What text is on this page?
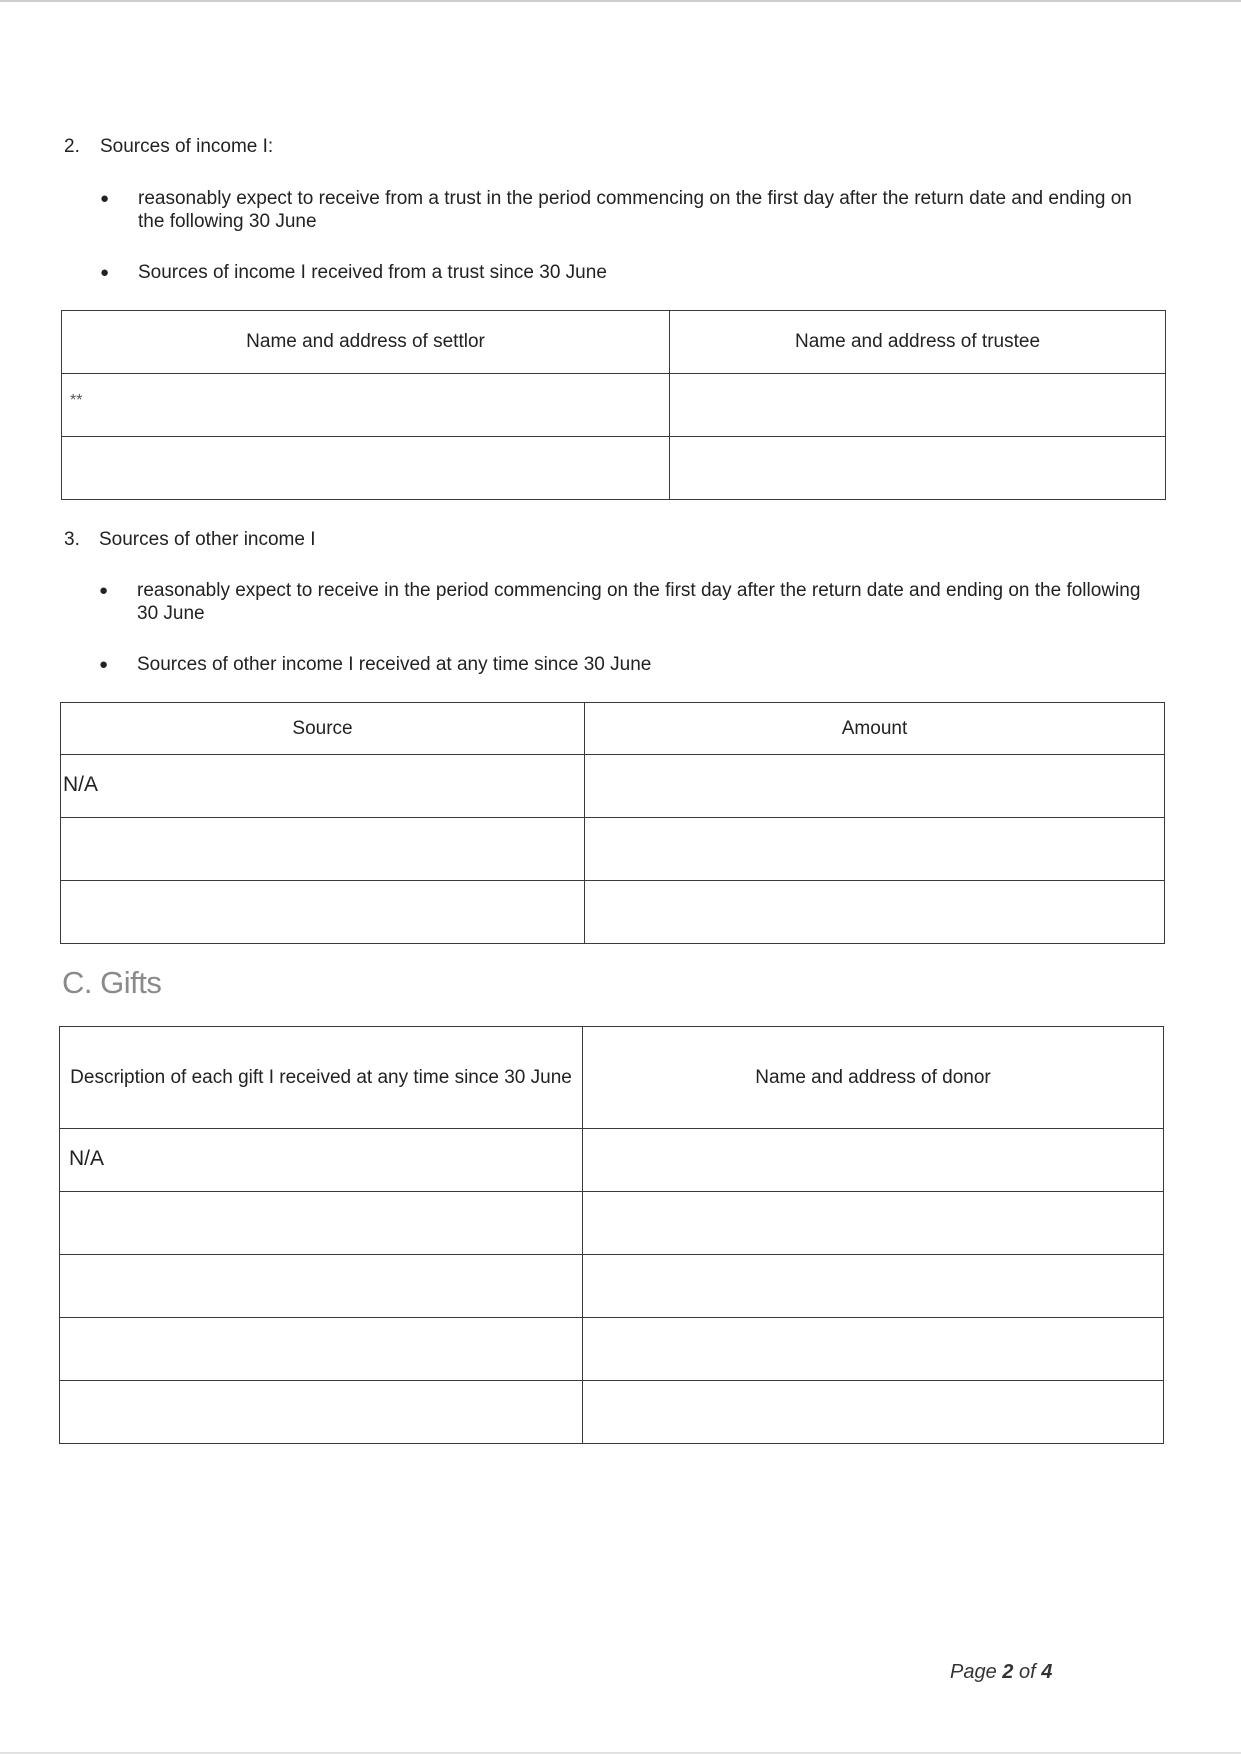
2. Sources of income I:
● reasonably expect to receive from a trust in the period commencing on the first day after the return date and ending on the following 30 June
● Sources of income I received from a trust since 30 June
Name and address of settlor	Name and address of trustee
**	

3. Sources of other income I
● reasonably expect to receive in the period commencing on the first day after the return date and ending on the following 30 June
● Sources of other income I received at any time since 30 June
Source	Amount
N/A	

C. Gifts
Description of each gift I received at any time since 30 June	Name and address of donor
N/A	

Page 2 of 4
